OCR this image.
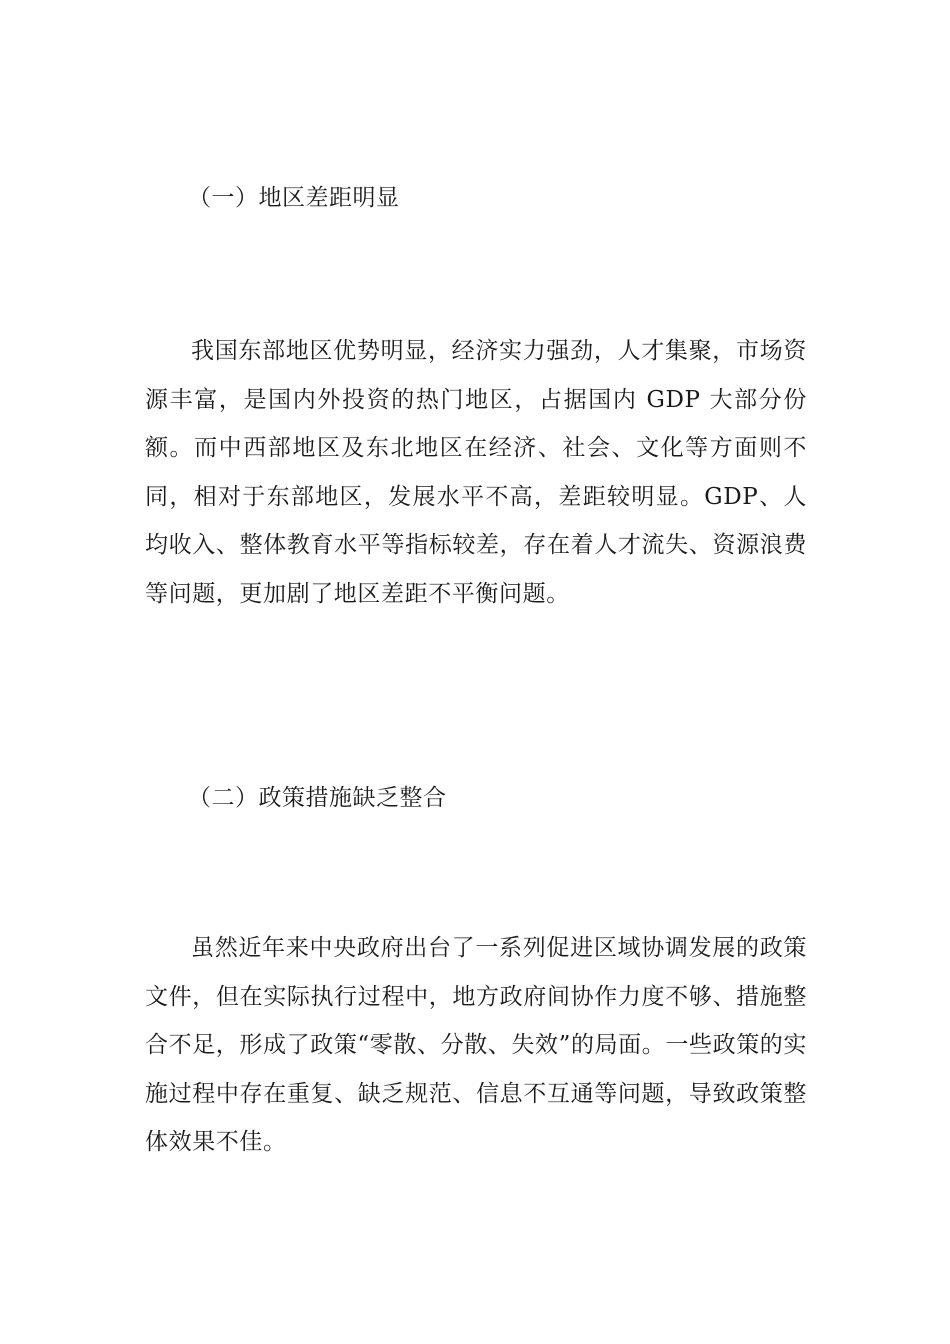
（一）地区差距明显

我国东部地区优势明显，经济实力强劲，人才集聚，市场资源丰富，是国内外投资的热门地区，占据国内 GDP 大部分份额。而中西部地区及东北地区在经济、社会、文化等方面则不同，相对于东部地区，发展水平不高，差距较明显。GDP、人均收入、整体教育水平等指标较差，存在着人才流失、资源浪费等问题，更加剧了地区差距不平衡问题。

（二）政策措施缺乏整合

虽然近年来中央政府出台了一系列促进区域协调发展的政策文件，但在实际执行过程中，地方政府间协作力度不够、措施整合不足，形成了政策“零散、分散、失效”的局面。一些政策的实施过程中存在重复、缺乏规范、信息不互通等问题，导致政策整体效果不佳。
